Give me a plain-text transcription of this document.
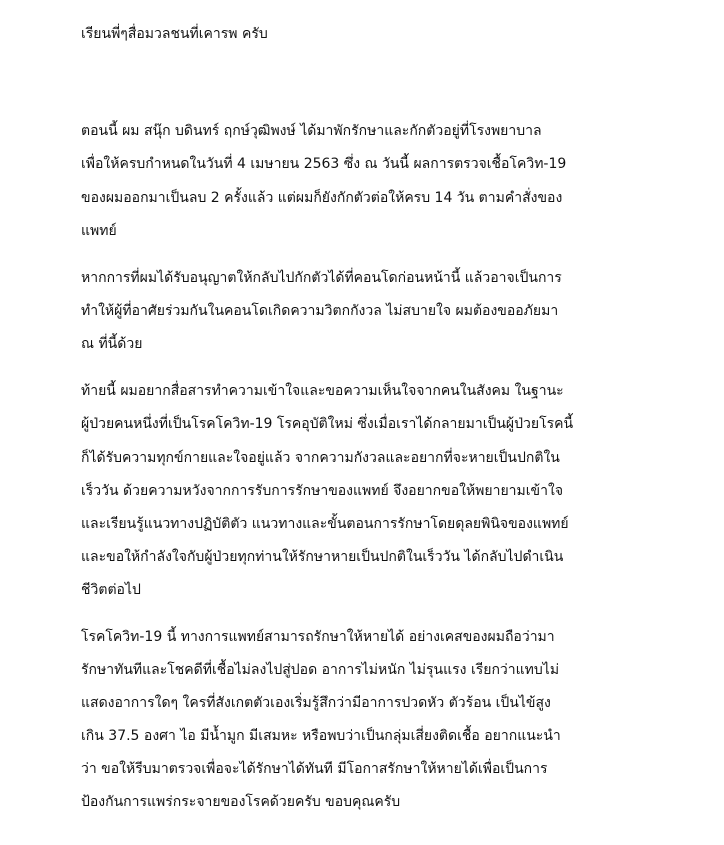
เรียนพี่ๆสื่อมวลชนที่เคารพ ครับ
ตอนนี้ ผม สนุ๊ก บดินทร์ ฤกษ์วุฒิพงษ์ ได้มาพักรักษาและกักตัวอยู่ที่โรงพยาบาล
เพื่อให้ครบกำหนดในวันที่ 4 เมษายน 2563 ซึ่ง ณ วันนี้ ผลการตรวจเชื้อโควิท-19
ของผมออกมาเป็นลบ 2 ครั้งแล้ว แต่ผมก็ยังกักตัวต่อให้ครบ 14 วัน ตามคำสั่งของ
แพทย์
หากการที่ผมได้รับอนุญาตให้กลับไปกักตัวได้ที่คอนโดก่อนหน้านี้ แล้วอาจเป็นการ
ทำให้ผู้ที่อาศัยร่วมกันในคอนโดเกิดความวิตกกังวล ไม่สบายใจ ผมต้องขออภัยมา
ณ ที่นี้ด้วย
ท้ายนี้ ผมอยากสื่อสารทำความเข้าใจและขอความเห็นใจจากคนในสังคม ในฐานะ
ผู้ป่วยคนหนึ่งที่เป็นโรคโควิท-19 โรคอุบัติใหม่ ซึ่งเมื่อเราได้กลายมาเป็นผู้ป่วยโรคนี้
ก็ได้รับความทุกข์กายและใจอยู่แล้ว จากความกังวลและอยากที่จะหายเป็นปกติใน
เร็ววัน ด้วยความหวังจากการรับการรักษาของแพทย์ จึงอยากขอให้พยายามเข้าใจ
และเรียนรู้แนวทางปฏิบัติตัว แนวทางและขั้นตอนการรักษาโดยดุลยพินิจของแพทย์
และขอให้กำลังใจกับผู้ป่วยทุกท่านให้รักษาหายเป็นปกติในเร็ววัน ได้กลับไปดำเนิน
ชีวิตต่อไป
โรคโควิท-19 นี้ ทางการแพทย์สามารถรักษาให้หายได้ อย่างเคสของผมถือว่ามา
รักษาทันทีและโชคดีที่เชื้อไม่ลงไปสู่ปอด อาการไม่หนัก ไม่รุนแรง เรียกว่าแทบไม่
แสดงอาการใดๆ ใครที่สังเกตตัวเองเริ่มรู้สึกว่ามีอาการปวดหัว ตัวร้อน เป็นไข้สูง
เกิน 37.5 องศา ไอ มีน้ำมูก มีเสมหะ หรือพบว่าเป็นกลุ่มเสี่ยงติดเชื้อ อยากแนะนำ
ว่า ขอให้รีบมาตรวจเพื่อจะได้รักษาได้ทันที มีโอกาสรักษาให้หายได้เพื่อเป็นการ
ป้องกันการแพร่กระจายของโรคด้วยครับ ขอบคุณครับ
